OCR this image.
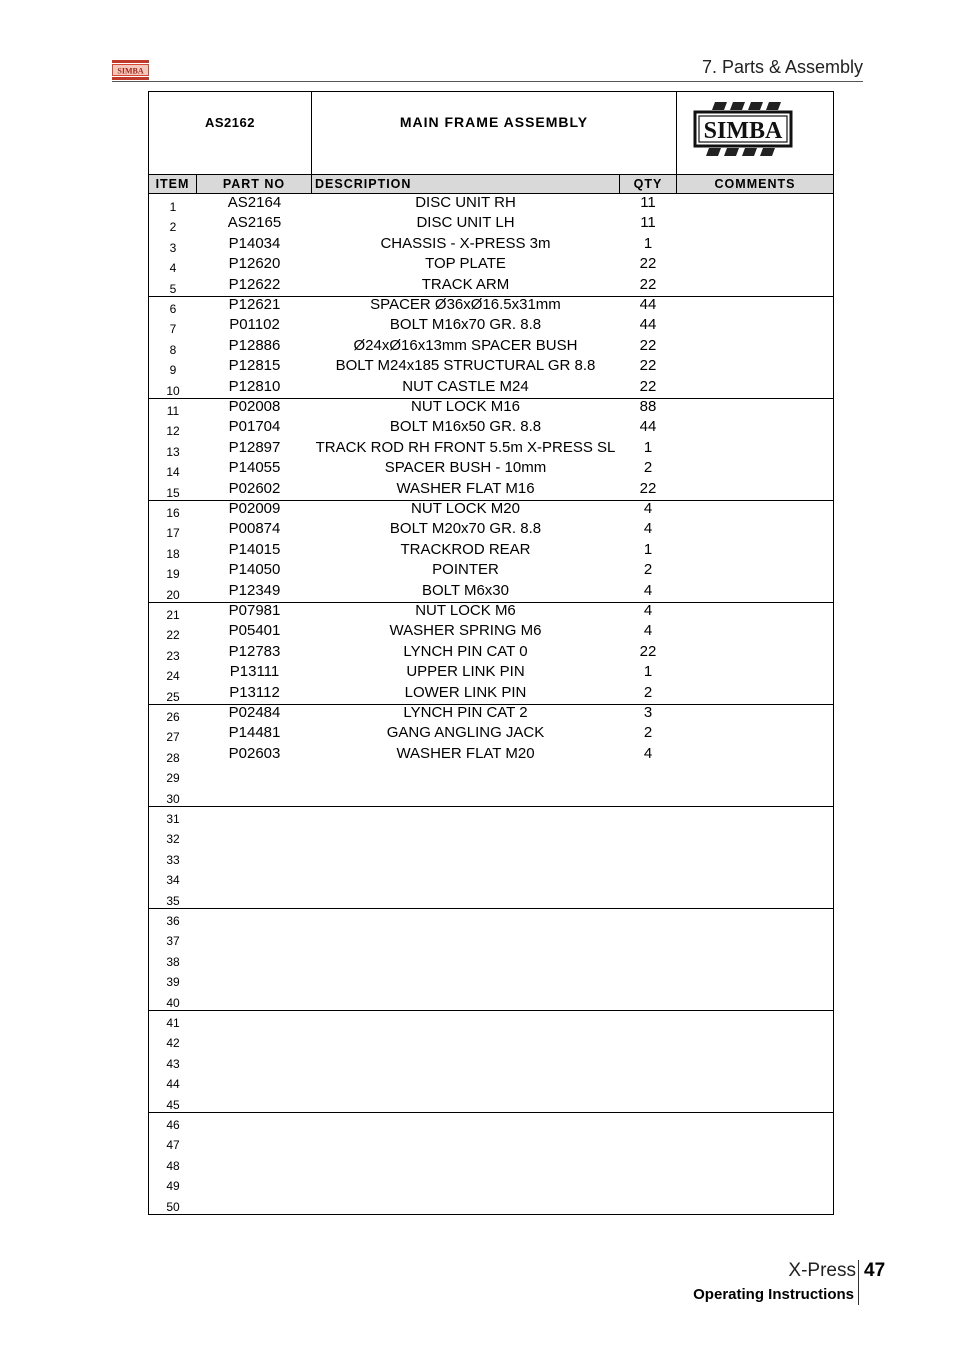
SIMBA	7. Parts & Assembly
AS2162	MAIN FRAME ASSEMBLY	SIMBA
ITEM	PART NO	DESCRIPTION	QTY	COMMENTS
1	AS2164	DISC UNIT RH	11
2	AS2165	DISC UNIT LH	11
3	P14034	CHASSIS - X-PRESS 3m	1
4	P12620	TOP PLATE	22
5	P12622	TRACK ARM	22
6	P12621	SPACER Ø36xØ16.5x31mm	44
7	P01102	BOLT M16x70 GR. 8.8	44
8	P12886	Ø24xØ16x13mm SPACER BUSH	22
9	P12815	BOLT M24x185 STRUCTURAL GR 8.8	22
10	P12810	NUT CASTLE M24	22
11	P02008	NUT LOCK M16	88
12	P01704	BOLT M16x50 GR. 8.8	44
13	P12897	TRACK ROD RH FRONT 5.5m X-PRESS SL	1
14	P14055	SPACER BUSH - 10mm	2
15	P02602	WASHER FLAT M16	22
16	P02009	NUT LOCK M20	4
17	P00874	BOLT M20x70 GR. 8.8	4
18	P14015	TRACKROD REAR	1
19	P14050	POINTER	2
20	P12349	BOLT M6x30	4
21	P07981	NUT LOCK M6	4
22	P05401	WASHER SPRING M6	4
23	P12783	LYNCH PIN CAT 0	22
24	P13111	UPPER LINK PIN	1
25	P13112	LOWER LINK PIN	2
26	P02484	LYNCH PIN CAT 2	3
27	P14481	GANG ANGLING JACK	2
28	P02603	WASHER FLAT M20	4
29
30
31
32
33
34
35
36
37
38
39
40
41
42
43
44
45
46
47
48
49
50
X-Press 47
Operating Instructions
